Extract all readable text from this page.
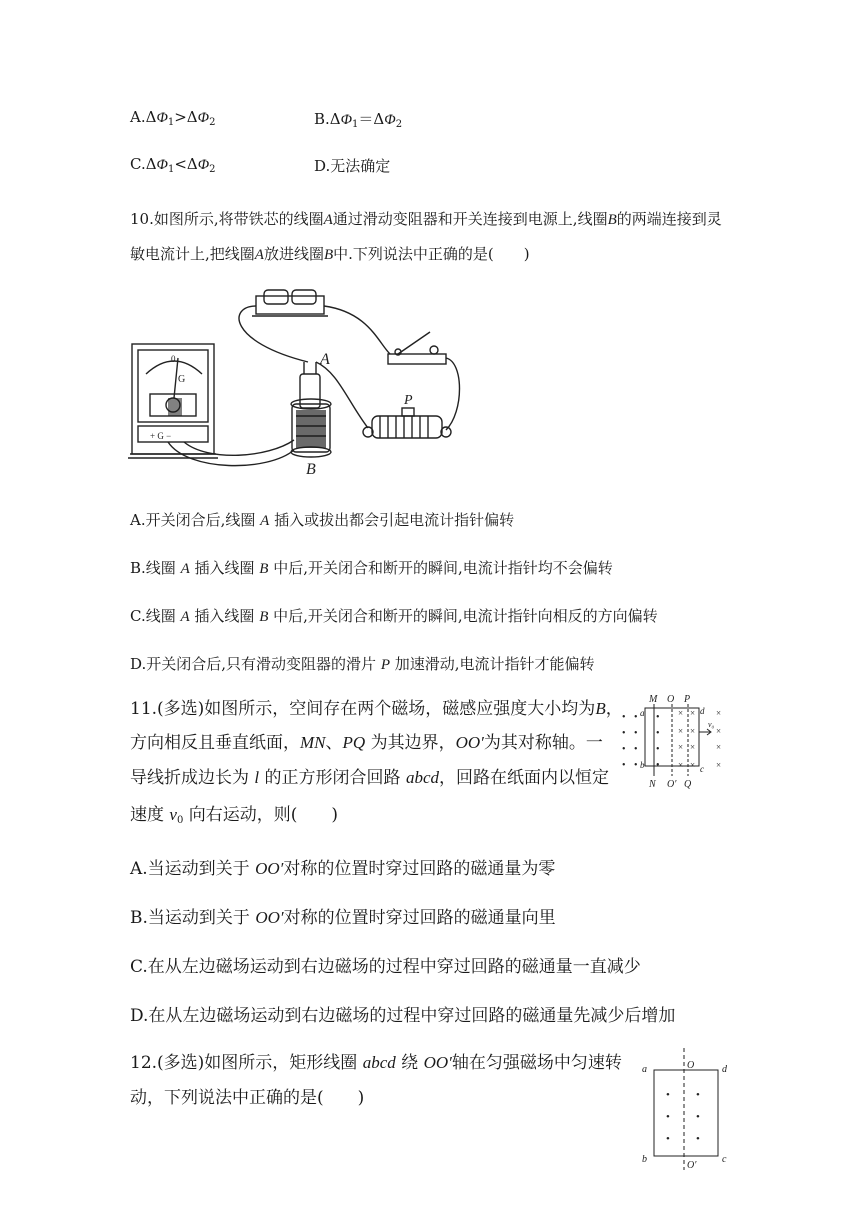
$A.\Delta\Phi_1>\Delta\Phi_2$	$B.\Delta\Phi_1=\Delta\Phi_2$
$C.\Delta\Phi_1<\Delta\Phi_2$	D.无法确定
10.如图所示,将带铁芯的线圈A通过滑动变阻器和开关连接到电源上,线圈B的两端连接到灵
敏电流计上,把线圈A放进线圈B中.下列说法中正确的是(　　)
0
G
+ G −
A
B
P
A.开关闭合后,线圈 A 插入或拔出都会引起电流计指针偏转
B.线圈 A 插入线圈 B 中后,开关闭合和断开的瞬间,电流计指针均不会偏转
C.线圈 A 插入线圈 B 中后,开关闭合和断开的瞬间,电流计指针向相反的方向偏转
D.开关闭合后,只有滑动变阻器的滑片 P 加速滑动,电流计指针才能偏转
11.(多选)如图所示，空间存在两个磁场，磁感应强度大小均为B，
方向相反且垂直纸面，MN、PQ 为其边界，OO′为其对称轴。一
导线折成边长为 l 的正方形闭合回路 abcd，回路在纸面内以恒定
速度 $v_0$ 向右运动，则(　　)
•
•
•
•
•
•
•
•
•
•
•
•
×
×
×
×
×
×
×
×
×
×
×
×
M O P
N O′ Q
a
b	c
d
v₀
A.当运动到关于 OO′对称的位置时穿过回路的磁通量为零
B.当运动到关于 OO′对称的位置时穿过回路的磁通量向里
C.在从左边磁场运动到右边磁场的过程中穿过回路的磁通量一直减少
D.在从左边磁场运动到右边磁场的过程中穿过回路的磁通量先减少后增加
12.(多选)如图所示，矩形线圈 abcd 绕 OO′轴在匀强磁场中匀速转
动，下列说法中正确的是(　　)	•
•
•
•
•
•
a	d
b	c
O
O′
